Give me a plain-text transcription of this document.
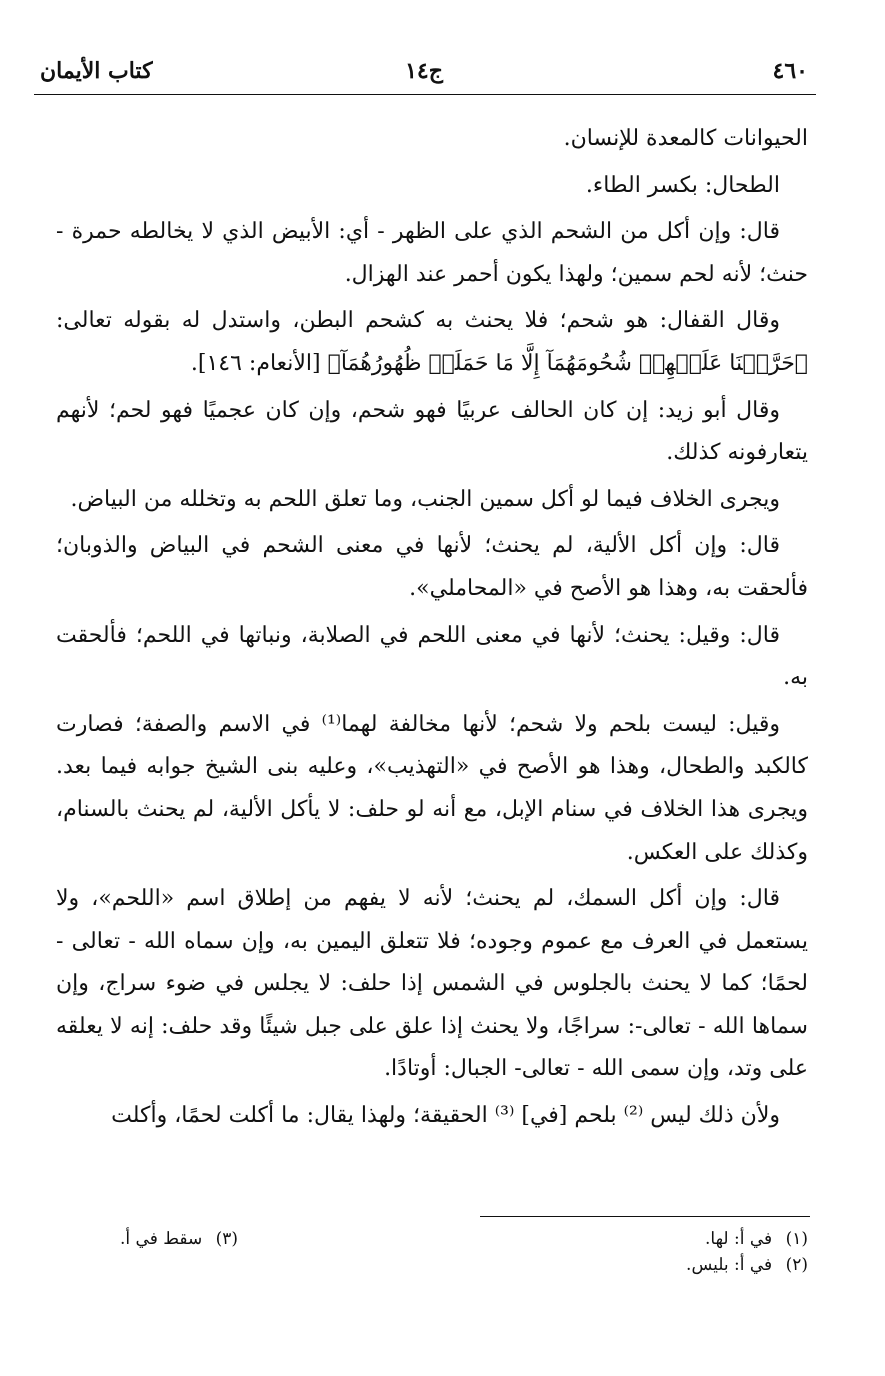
٤٦٠
ج١٤
كتاب الأيمان

الحيوانات كالمعدة للإنسان.

الطحال: بكسر الطاء.

قال: وإن أكل من الشحم الذي على الظهر - أي: الأبيض الذي لا يخالطه حمرة - حنث؛ لأنه لحم سمين؛ ولهذا يكون أحمر عند الهزال.

وقال القفال: هو شحم؛ فلا يحنث به كشحم البطن، واستدل له بقوله تعالى: ﴿حَرَّمۡنَا عَلَيۡهِمۡ شُحُومَهُمَآ إِلَّا مَا حَمَلَتۡ ظُهُورُهُمَآ﴾ [الأنعام: ١٤٦].

وقال أبو زيد: إن كان الحالف عربيًا فهو شحم، وإن كان عجميًا فهو لحم؛ لأنهم يتعارفونه كذلك.

ويجرى الخلاف فيما لو أكل سمين الجنب، وما تعلق اللحم به وتخلله من البياض.

قال: وإن أكل الألية، لم يحنث؛ لأنها في معنى الشحم في البياض والذوبان؛ فألحقت به، وهذا هو الأصح في «المحاملي».

قال: وقيل: يحنث؛ لأنها في معنى اللحم في الصلابة، ونباتها في اللحم؛ فألحقت به.

وقيل: ليست بلحم ولا شحم؛ لأنها مخالفة لهما⁽¹⁾ في الاسم والصفة؛ فصارت كالكبد والطحال، وهذا هو الأصح في «التهذيب»، وعليه بنى الشيخ جوابه فيما بعد. ويجرى هذا الخلاف في سنام الإبل، مع أنه لو حلف: لا يأكل الألية، لم يحنث بالسنام، وكذلك على العكس.

قال: وإن أكل السمك، لم يحنث؛ لأنه لا يفهم من إطلاق اسم «اللحم»، ولا يستعمل في العرف مع عموم وجوده؛ فلا تتعلق اليمين به، وإن سماه الله - تعالى - لحمًا؛ كما لا يحنث بالجلوس في الشمس إذا حلف: لا يجلس في ضوء سراج، وإن سماها الله - تعالى-: سراجًا، ولا يحنث إذا علق على جبل شيئًا وقد حلف: إنه لا يعلقه على وتد، وإن سمى الله - تعالى- الجبال: أوتادًا.

ولأن ذلك ليس ⁽²⁾ بلحم [في] ⁽³⁾ الحقيقة؛ ولهذا يقال: ما أكلت لحمًا، وأكلت

(١) في أ: لها.
(٣) سقط في أ.
(٢) في أ: بليس.
